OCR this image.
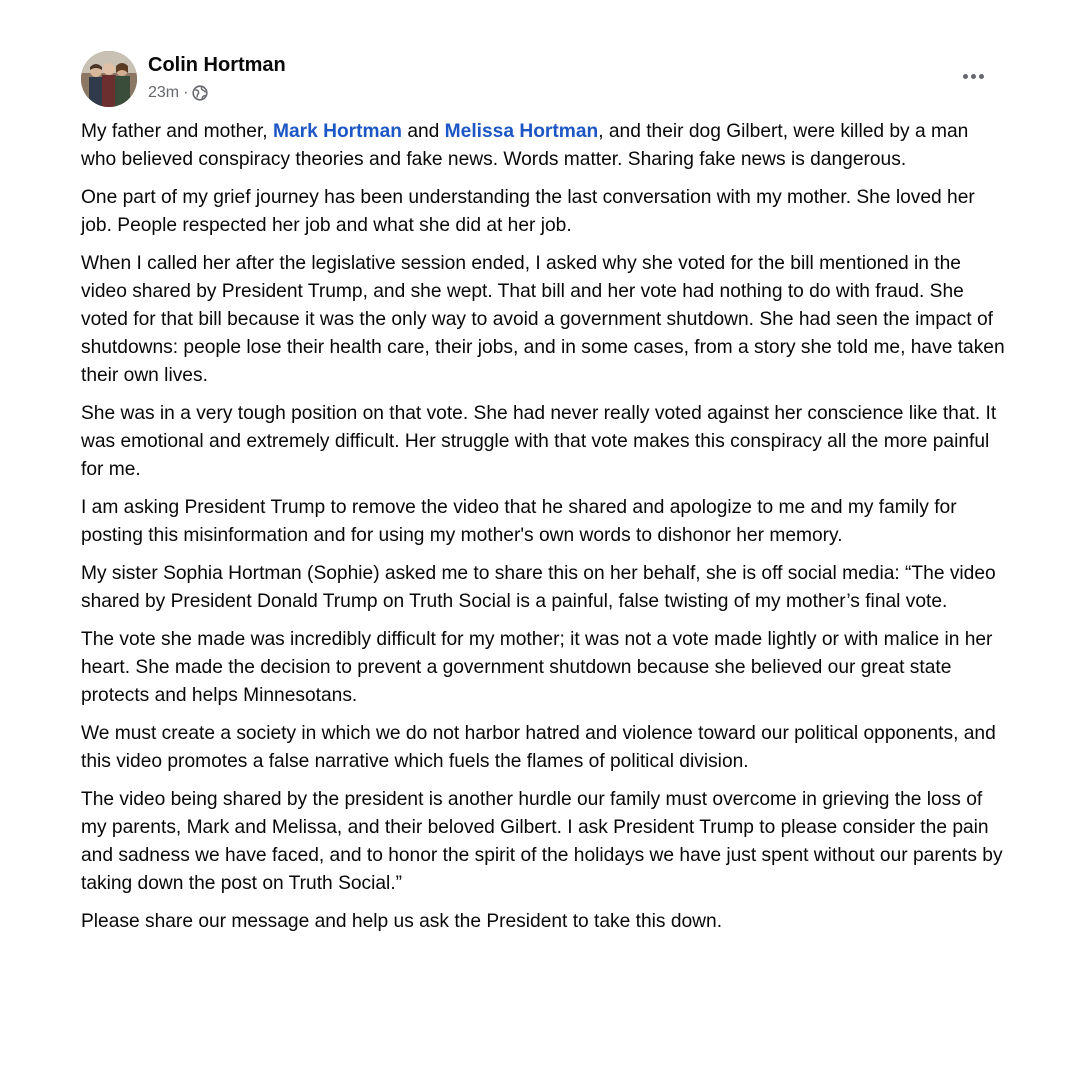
Colin Hortman
23m ·

My father and mother, Mark Hortman and Melissa Hortman, and their dog Gilbert, were killed by a man who believed conspiracy theories and fake news. Words matter. Sharing fake news is dangerous.

One part of my grief journey has been understanding the last conversation with my mother. She loved her job. People respected her job and what she did at her job.

When I called her after the legislative session ended, I asked why she voted for the bill mentioned in the video shared by President Trump, and she wept. That bill and her vote had nothing to do with fraud. She voted for that bill because it was the only way to avoid a government shutdown. She had seen the impact of shutdowns: people lose their health care, their jobs, and in some cases, from a story she told me, have taken their own lives.

She was in a very tough position on that vote. She had never really voted against her conscience like that. It was emotional and extremely difficult. Her struggle with that vote makes this conspiracy all the more painful for me.

I am asking President Trump to remove the video that he shared and apologize to me and my family for posting this misinformation and for using my mother's own words to dishonor her memory.

My sister Sophia Hortman (Sophie) asked me to share this on her behalf, she is off social media: “The video shared by President Donald Trump on Truth Social is a painful, false twisting of my mother’s final vote.

The vote she made was incredibly difficult for my mother; it was not a vote made lightly or with malice in her heart. She made the decision to prevent a government shutdown because she believed our great state protects and helps Minnesotans.

We must create a society in which we do not harbor hatred and violence toward our political opponents, and this video promotes a false narrative which fuels the flames of political division.

The video being shared by the president is another hurdle our family must overcome in grieving the loss of my parents, Mark and Melissa, and their beloved Gilbert. I ask President Trump to please consider the pain and sadness we have faced, and to honor the spirit of the holidays we have just spent without our parents by taking down the post on Truth Social.”

Please share our message and help us ask the President to take this down.
